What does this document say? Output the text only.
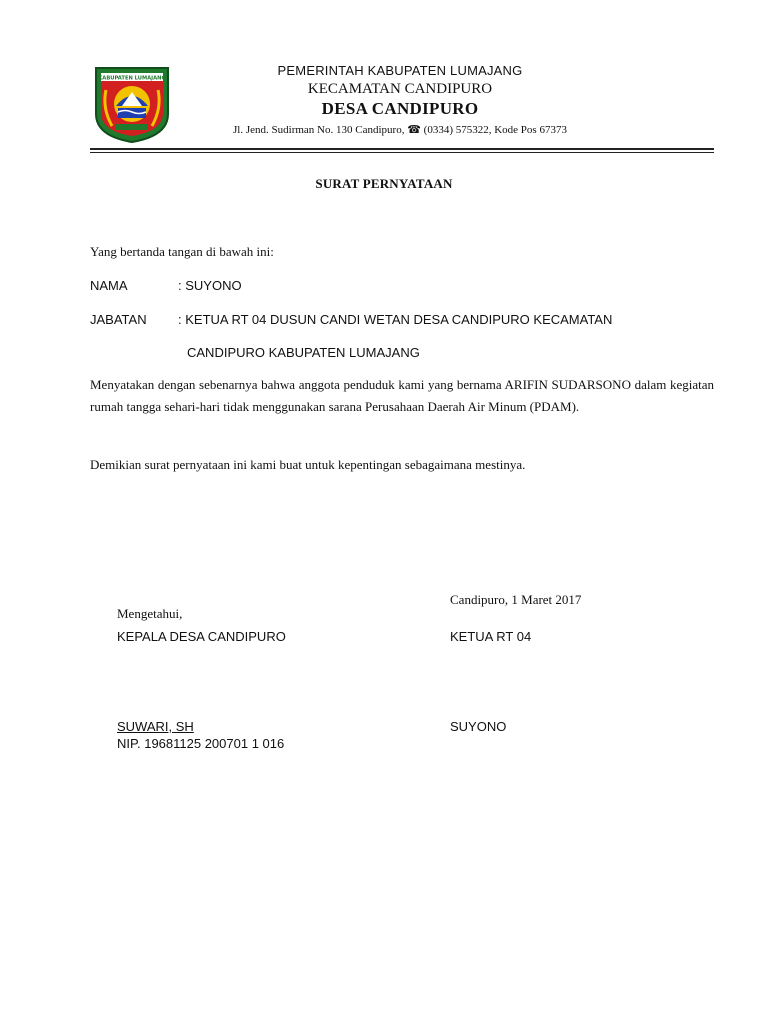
KABUPATEN LUMAJANG
PEMERINTAH KABUPATEN LUMAJANG
KECAMATAN CANDIPURO
DESA CANDIPURO
Jl. Jend. Sudirman No. 130 Candipuro, ☎ (0334) 575322, Kode Pos 67373
SURAT PERNYATAAN
Yang bertanda tangan di bawah ini:
NAMA	: SUYONO
JABATAN : KETUA RT 04 DUSUN CANDI WETAN DESA CANDIPURO KECAMATAN
CANDIPURO KABUPATEN LUMAJANG
Menyatakan dengan sebenarnya bahwa anggota penduduk kami yang bernama ARIFIN SUDARSONO dalam kegiatan rumah tangga sehari-hari tidak menggunakan sarana Perusahaan Daerah Air Minum (PDAM).
Demikian surat pernyataan ini kami buat untuk kepentingan sebagaimana mestinya.
Candipuro, 1 Maret 2017
Mengetahui,
KEPALA DESA CANDIPURO	KETUA RT 04
SUWARI, SH
NIP. 19681125 200701 1 016
SUYONO
